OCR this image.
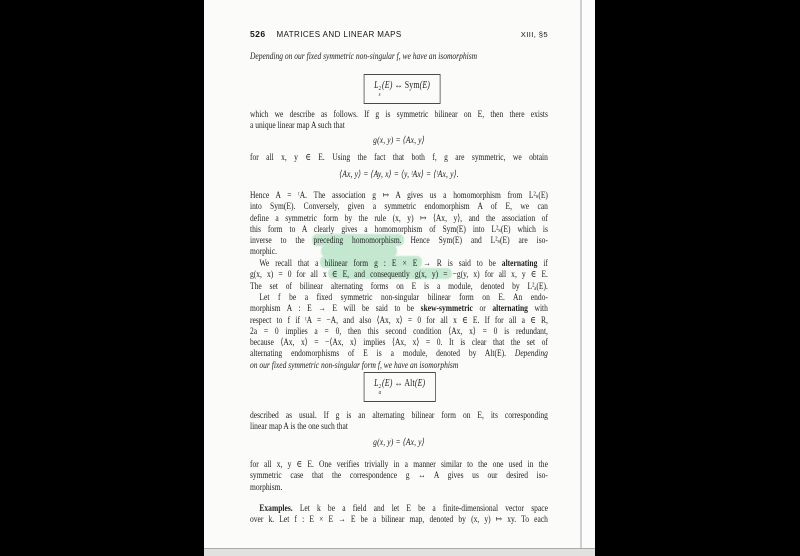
526 MATRICES AND LINEAR MAPS	XIII, §5
Depending on our fixed symmetric non-singular f, we have an isomorphism
L 2
s
(E) ↔ Sym(E)
which we describe as follows. If g is symmetric bilinear on E, then there exists
a unique linear map A such that
g(x, y) = ⟨Ax, y⟩
for all x, y ∈ E. Using the fact that both f, g are symmetric, we obtain
⟨Ax, y⟩ = ⟨Ay, x⟩ = ⟨y, ᵗAx⟩ = ⟨ᵗAx, y⟩.
Hence A = ᵗA. The association g ↦ A gives us a homomorphism from L²ₛ(E)
into Sym(E). Conversely, given a symmetric endomorphism A of E, we can
define a symmetric form by the rule (x, y) ↦ ⟨Ax, y⟩, and the association of
this form to A clearly gives a homomorphism of Sym(E) into L²ₛ(E) which is
inverse to the preceding homomorphism. Hence Sym(E) and L²ₛ(E) are iso-
morphic.
We recall that a bilinear form g : E × E → R is said to be alternating if
g(x, x) = 0 for all x ∈ E, and consequently g(x, y) = −g(y, x) for all x, y ∈ E.
The set of bilinear alternating forms on E is a module, denoted by L²ₐ(E).
Let f be a fixed symmetric non-singular bilinear form on E. An endo-
morphism A : E → E will be said to be skew-symmetric or alternating with
respect to f if ᵗA = −A, and also ⟨Ax, x⟩ = 0 for all x ∈ E. If for all a ∈ R,
2a = 0 implies a = 0, then this second condition ⟨Ax, x⟩ = 0 is redundant,
because ⟨Ax, x⟩ = −⟨Ax, x⟩ implies ⟨Ax, x⟩ = 0. It is clear that the set of
alternating endomorphisms of E is a module, denoted by Alt(E). Depending
on our fixed symmetric non-singular form f, we have an isomorphism
L 2
a
(E) ↔ Alt(E)
described as usual. If g is an alternating bilinear form on E, its corresponding
linear map A is the one such that
g(x, y) = ⟨Ax, y⟩
for all x, y ∈ E. One verifies trivially in a manner similar to the one used in the
symmetric case that the correspondence g ↔ A gives us our desired iso-
morphism.
Examples. Let k be a field and let E be a finite-dimensional vector space
over k. Let f : E × E → E be a bilinear map, denoted by (x, y) ↦ xy. To each
